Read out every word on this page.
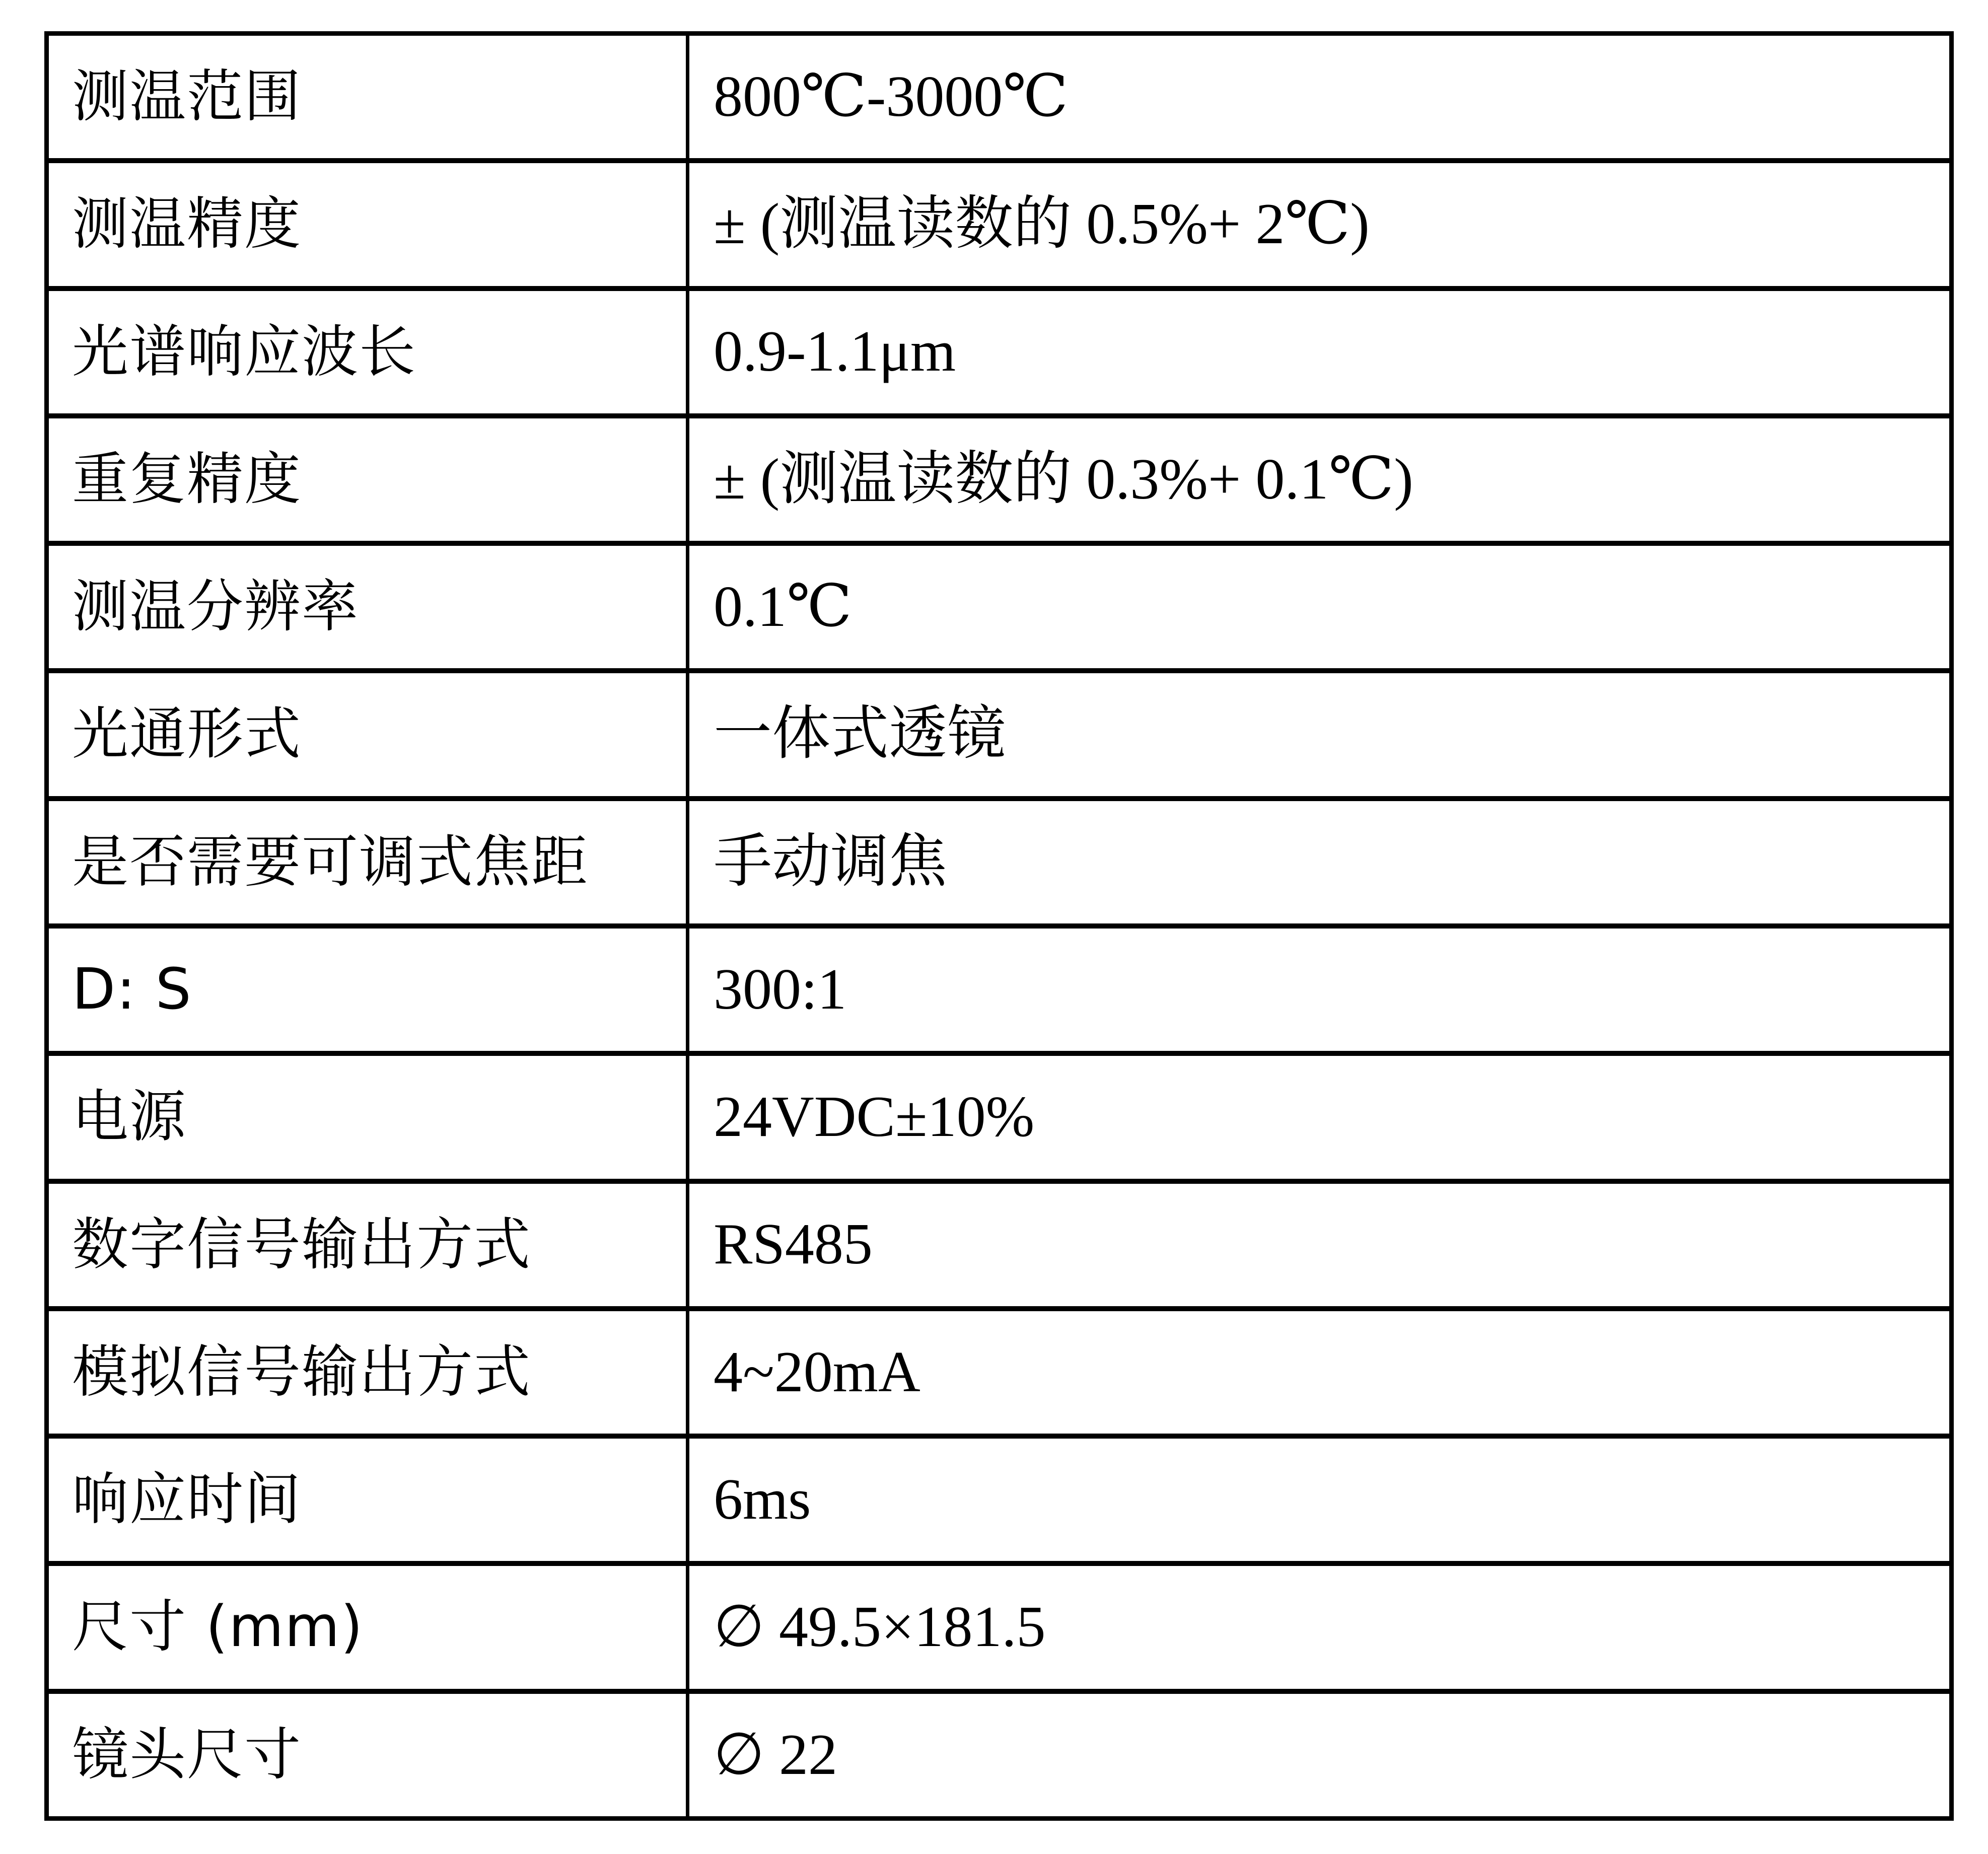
测温范围	800℃-3000℃
测温精度	± (测温读数的 0.5%+ 2℃)
光谱响应波长	0.9-1.1μm
重复精度	± (测温读数的 0.3%+ 0.1℃)
测温分辨率	0.1℃
光通形式	一体式透镜
是否需要可调式焦距	手动调焦
D: S	300:1
电源	24VDC±10%
数字信号输出方式	RS485
模拟信号输出方式	4~20mA
响应时间	6ms
尺寸 (mm)	∅ 49.5×181.5
镜头尺寸	∅ 22
